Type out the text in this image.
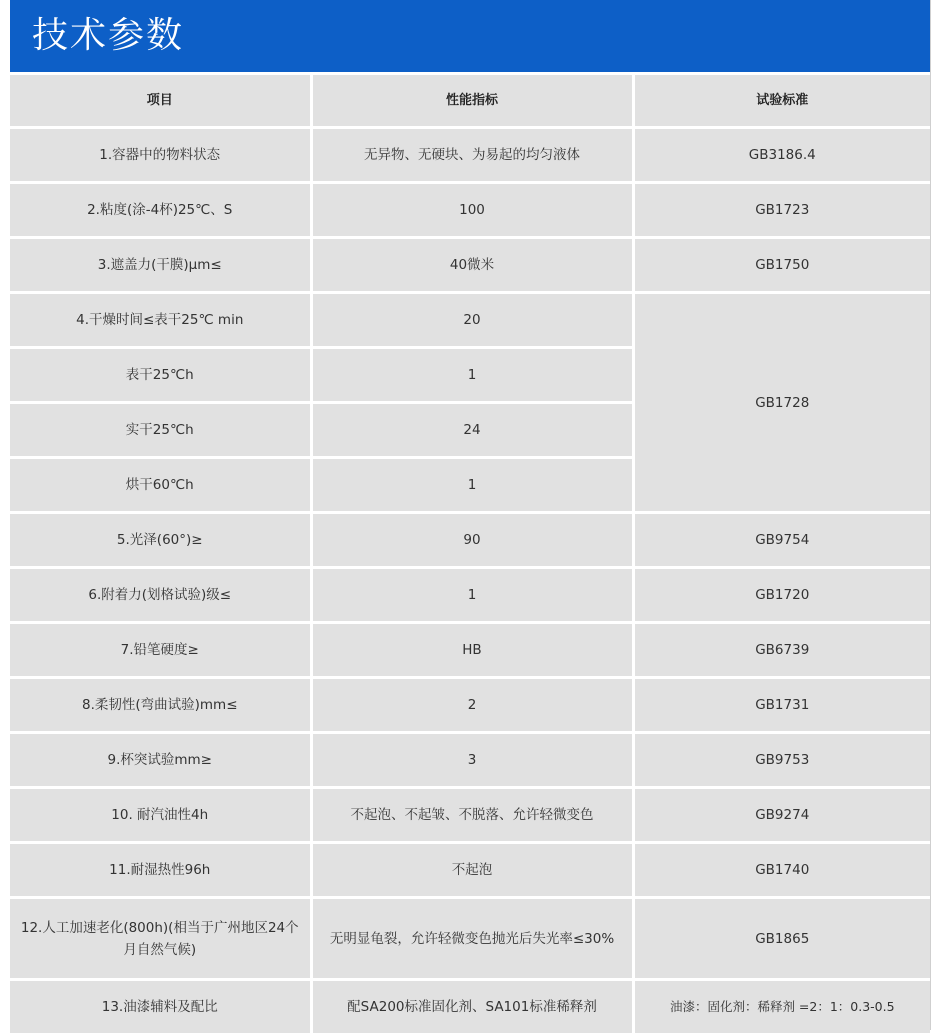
技术参数
项目	性能指标	试验标准
1.容器中的物料状态	无异物、无硬块、为易起的均匀液体	GB3186.4
2.粘度(涂-4杯)25℃、S	100	GB1723
3.遮盖力(干膜)μm≤	40微米	GB1750
4.干燥时间≤表干25℃ min	20	GB1728
表干25℃h	1	
实干25℃h	24	
烘干60℃h	1	
5.光泽(60°)≥	90	GB9754
6.附着力(划格试验)级≤	1	GB1720
7.铅笔硬度≥	HB	GB6739
8.柔韧性(弯曲试验)mm≤	2	GB1731
9.杯突试验mm≥	3	GB9753
10. 耐汽油性4h	不起泡、不起皱、不脱落、允许轻微变色	GB9274
11.耐湿热性96h	不起泡	GB1740
12.人工加速老化(800h)(相当于广州地区24个月自然气候)	无明显龟裂，允许轻微变色抛光后失光率≤30%	GB1865
13.油漆辅料及配比	配SA200标准固化剂、SA101标准稀释剂	油漆：固化剂：稀释剂 =2：1：0.3-0.5
